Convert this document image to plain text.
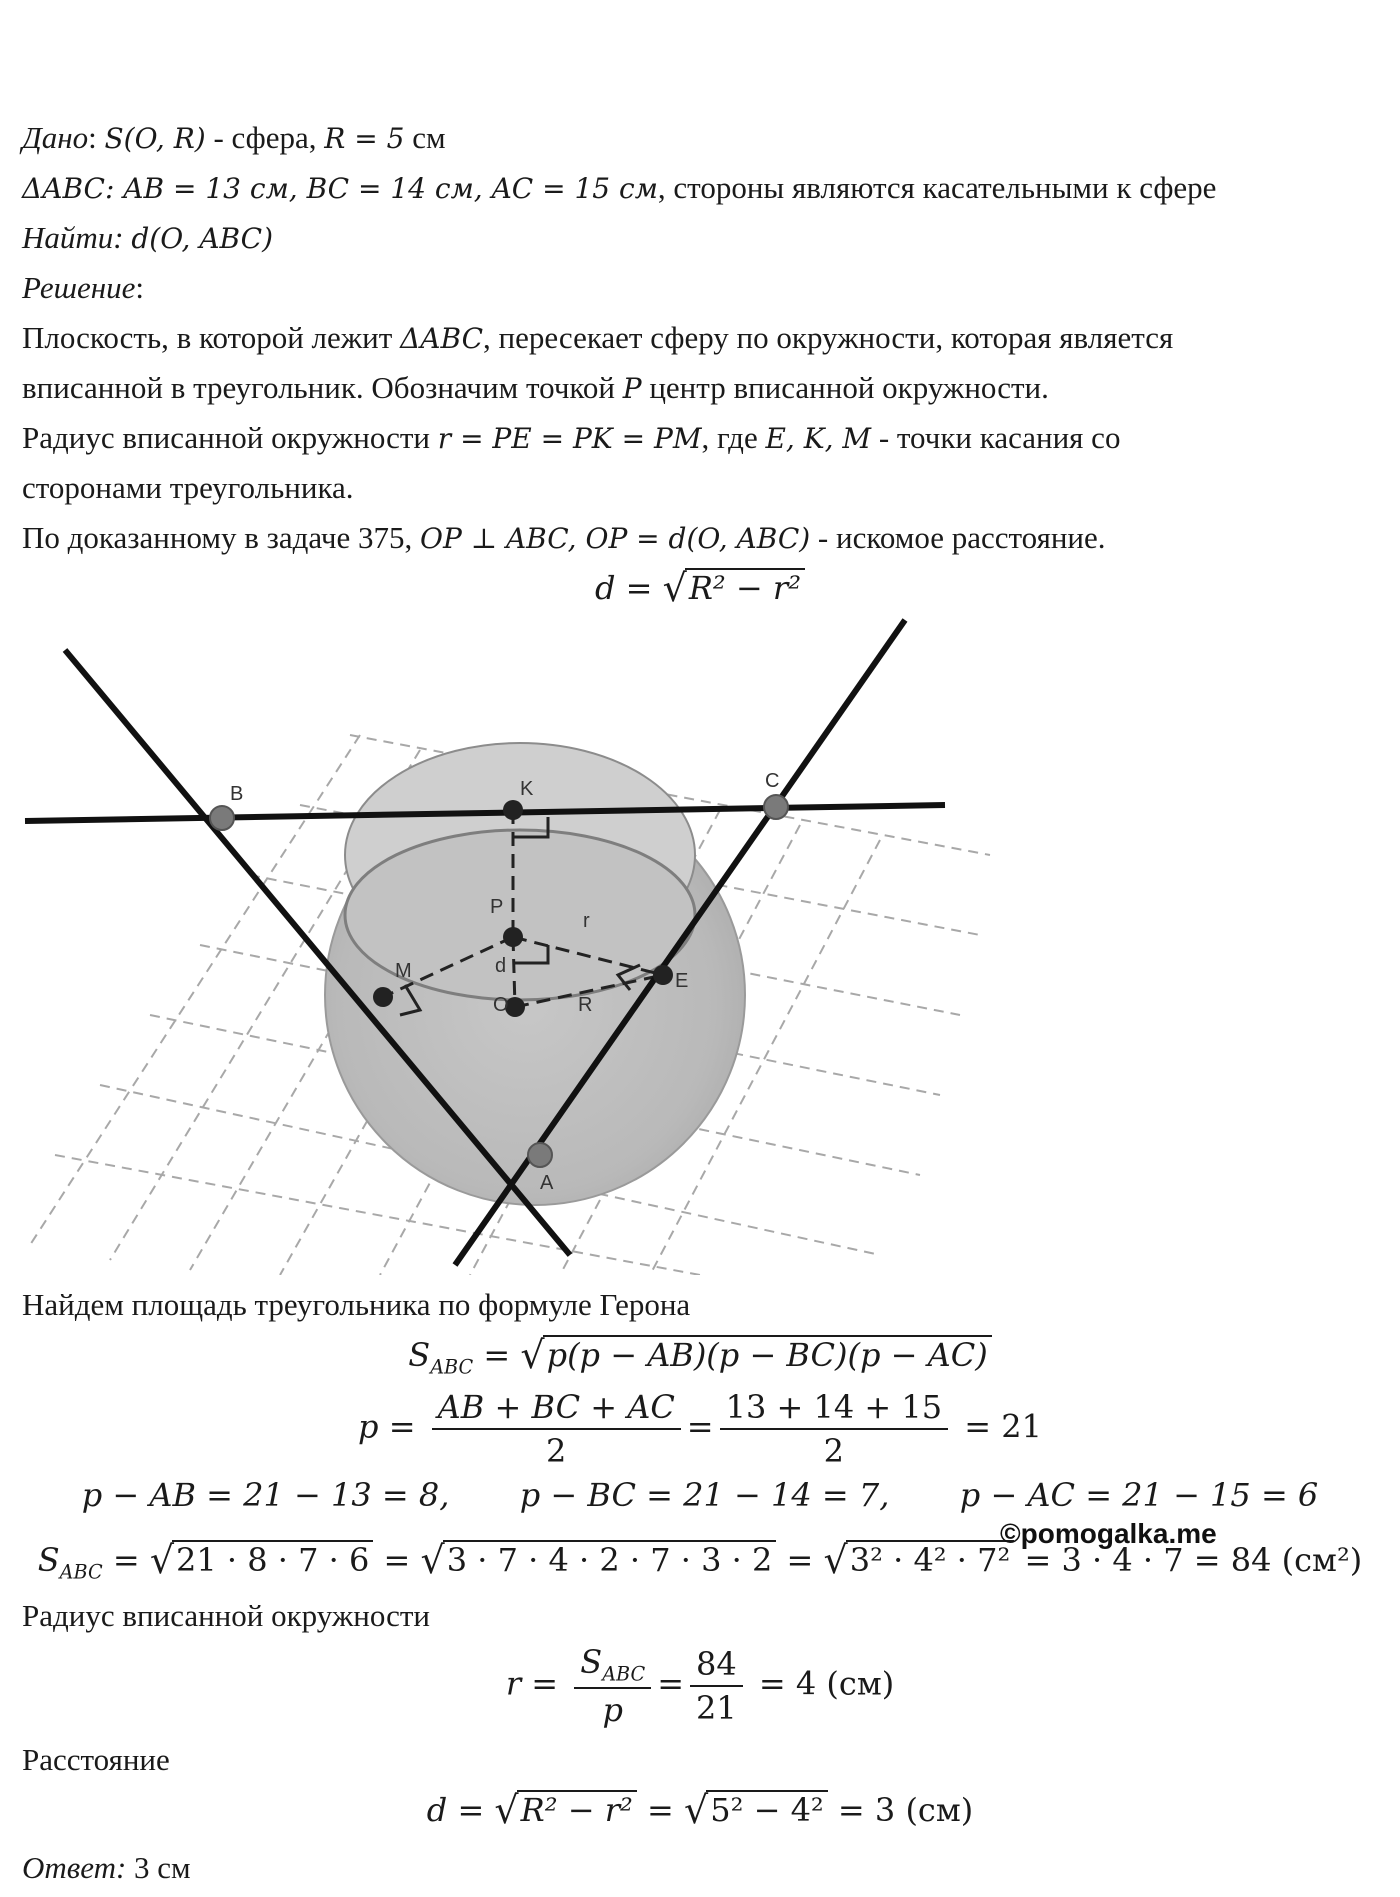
Дано: S(O, R) - сфера, R = 5 см
ΔABC: AB = 13 см, BC = 14 см, AC = 15 см, стороны являются касательными к сфере
Найти: d(O, ABC)
Решение:
Плоскость, в которой лежит ΔABC, пересекает сферу по окружности, которая является
вписанной в треугольник. Обозначим точкой P центр вписанной окружности.
Радиус вписанной окружности r = PE = PK = PM, где E, K, M - точки касания со
сторонами треугольника.
По доказанному в задаче 375, OP ⊥ ABC, OP = d(O, ABC) - искомое расстояние.
d = √R² − r²
B	K	C
P
r
M	E
d
O	R
A
Найдем площадь треугольника по формуле Герона
$S_{ABC} = √p(p - AB)(p - BC)(p - AC)$
$p = \frac{AB + BC + AC}{2} = \frac{13 + 14 + 15}{2} = 21$
p − AB = 21 − 13 = 8, p − BC = 21 − 14 = 7, p − AC = 21 − 15 = 6
$S_{ABC} = √21 \cdot 8 \cdot 7 \cdot 6 = √3 \cdot 7 \cdot 4 \cdot 2 \cdot 7 \cdot 3 \cdot 2 = √3^2 \cdot 4^2 \cdot 7^2 = 3 \cdot 4 \cdot 7 = 84$ (см²)
©pomogalka.me
Радиус вписанной окружности
$r = \frac{S_{ABC}}{p} = \frac{84}{21} = 4$ (см)
Расстояние
d = √R² − r² = √5² − 4² = 3 (см)
Ответ: 3 см
